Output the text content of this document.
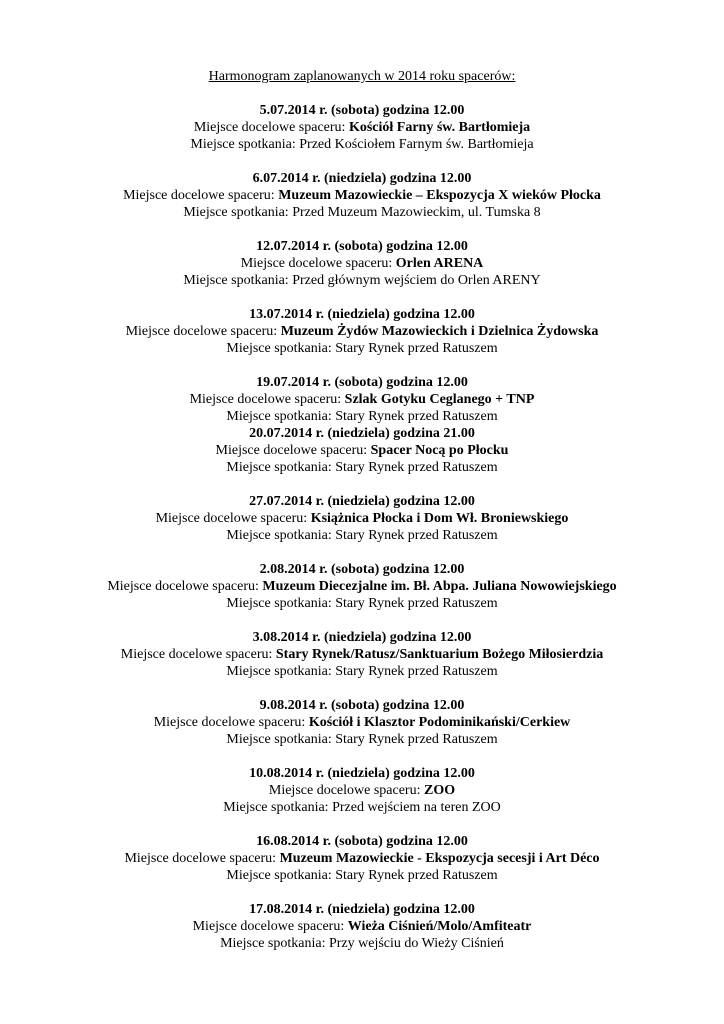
Harmonogram zaplanowanych w 2014 roku spacerów:
5.07.2014 r. (sobota) godzina 12.00
Miejsce docelowe spaceru: Kościół Farny św. Bartłomieja
Miejsce spotkania: Przed Kościołem Farnym św. Bartłomieja
6.07.2014 r. (niedziela) godzina 12.00
Miejsce docelowe spaceru: Muzeum Mazowieckie – Ekspozycja X wieków Płocka
Miejsce spotkania: Przed Muzeum Mazowieckim, ul. Tumska 8
12.07.2014 r. (sobota) godzina 12.00
Miejsce docelowe spaceru: Orlen ARENA
Miejsce spotkania: Przed głównym wejściem do Orlen ARENY
13.07.2014 r. (niedziela) godzina 12.00
Miejsce docelowe spaceru: Muzeum Żydów Mazowieckich i Dzielnica Żydowska
Miejsce spotkania: Stary Rynek przed Ratuszem
19.07.2014 r. (sobota) godzina 12.00
Miejsce docelowe spaceru: Szlak Gotyku Ceglanego + TNP
Miejsce spotkania: Stary Rynek przed Ratuszem
20.07.2014 r. (niedziela) godzina 21.00
Miejsce docelowe spaceru: Spacer Nocą po Płocku
Miejsce spotkania: Stary Rynek przed Ratuszem
27.07.2014 r. (niedziela) godzina 12.00
Miejsce docelowe spaceru: Książnica Płocka i Dom Wł. Broniewskiego
Miejsce spotkania: Stary Rynek przed Ratuszem
2.08.2014 r. (sobota) godzina 12.00
Miejsce docelowe spaceru: Muzeum Diecezjalne im. Bł. Abpa. Juliana Nowowiejskiego
Miejsce spotkania: Stary Rynek przed Ratuszem
3.08.2014 r. (niedziela) godzina 12.00
Miejsce docelowe spaceru: Stary Rynek/Ratusz/Sanktuarium Bożego Miłosierdzia
Miejsce spotkania: Stary Rynek przed Ratuszem
9.08.2014 r. (sobota) godzina 12.00
Miejsce docelowe spaceru: Kościół i Klasztor Podominikański/Cerkiew
Miejsce spotkania: Stary Rynek przed Ratuszem
10.08.2014 r. (niedziela) godzina 12.00
Miejsce docelowe spaceru: ZOO
Miejsce spotkania: Przed wejściem na teren ZOO
16.08.2014 r. (sobota) godzina 12.00
Miejsce docelowe spaceru: Muzeum Mazowieckie - Ekspozycja secesji i Art Déco
Miejsce spotkania: Stary Rynek przed Ratuszem
17.08.2014 r. (niedziela) godzina 12.00
Miejsce docelowe spaceru: Wieża Ciśnień/Molo/Amfiteatr
Miejsce spotkania: Przy wejściu do Wieży Ciśnień
